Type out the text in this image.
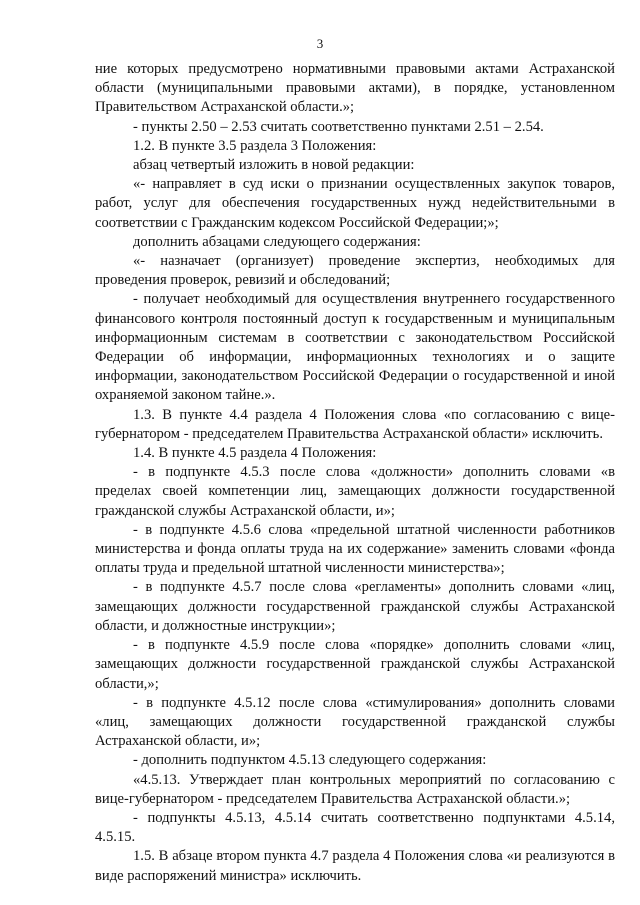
3

ние которых предусмотрено нормативными правовыми актами Астраханской области (муниципальными правовыми актами), в порядке, установленном Правительством Астраханской области.»;

- пункты 2.50 – 2.53 считать соответственно пунктами 2.51 – 2.54.

1.2. В пункте 3.5 раздела 3 Положения:

абзац четвертый изложить в новой редакции:

«- направляет в суд иски о признании осуществленных закупок товаров, работ, услуг для обеспечения государственных нужд недействительными в соответствии с Гражданским кодексом Российской Федерации;»;

дополнить абзацами следующего содержания:

«- назначает (организует) проведение экспертиз, необходимых для проведения проверок, ревизий и обследований;

- получает необходимый для осуществления внутреннего государственного финансового контроля постоянный доступ к государственным и муниципальным информационным системам в соответствии с законодательством Российской Федерации об информации, информационных технологиях и о защите информации, законодательством Российской Федерации о государственной и иной охраняемой законом тайне.».

1.3. В пункте 4.4 раздела 4 Положения слова «по согласованию с вице-губернатором - председателем Правительства Астраханской области» исключить.

1.4. В пункте 4.5 раздела 4 Положения:

- в подпункте 4.5.3 после слова «должности» дополнить словами «в пределах своей компетенции лиц, замещающих должности государственной гражданской службы Астраханской области, и»;

- в подпункте 4.5.6 слова «предельной штатной численности работников министерства и фонда оплаты труда на их содержание» заменить словами «фонда оплаты труда и предельной штатной численности министерства»;

- в подпункте 4.5.7 после слова «регламенты» дополнить словами «лиц, замещающих должности государственной гражданской службы Астраханской области, и должностные инструкции»;

- в подпункте 4.5.9 после слова «порядке» дополнить словами «лиц, замещающих должности государственной гражданской службы Астраханской области,»;

- в подпункте 4.5.12 после слова «стимулирования» дополнить словами «лиц, замещающих должности государственной гражданской службы Астраханской области, и»;

- дополнить подпунктом 4.5.13 следующего содержания:

«4.5.13. Утверждает план контрольных мероприятий по согласованию с вице-губернатором - председателем Правительства Астраханской области.»;

- подпункты 4.5.13, 4.5.14 считать соответственно подпунктами 4.5.14, 4.5.15.

1.5. В абзаце втором пункта 4.7 раздела 4 Положения слова «и реализуются в виде распоряжений министра» исключить.
